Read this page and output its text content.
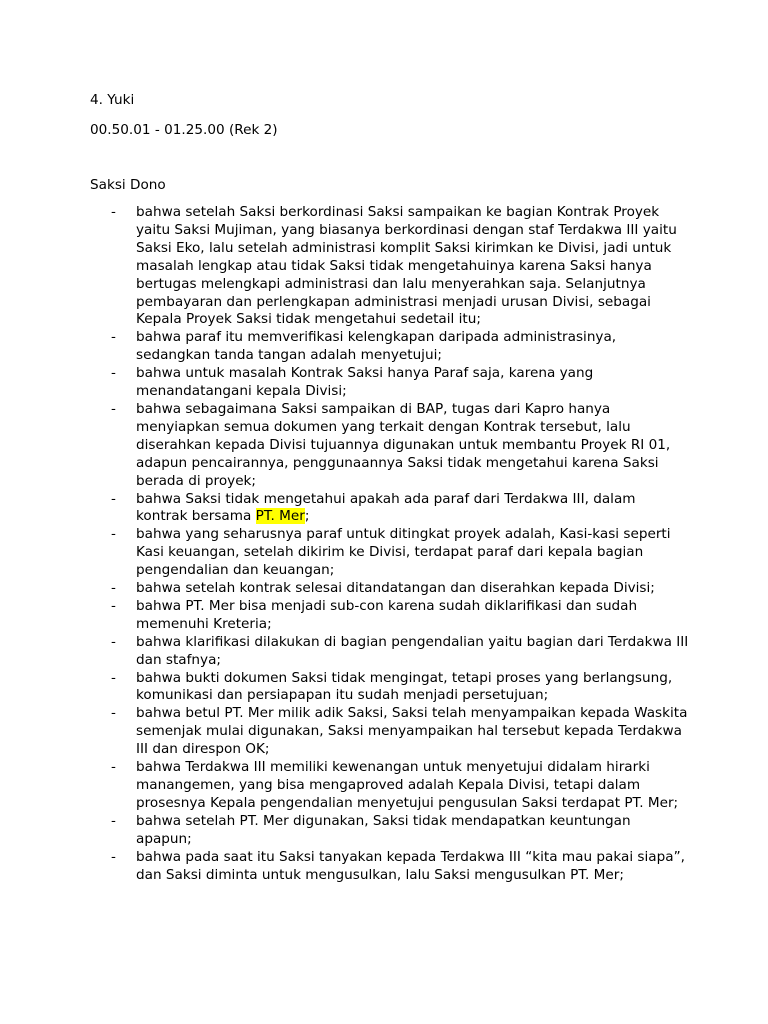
4. Yuki

00.50.01 - 01.25.00 (Rek 2)

Saksi Dono

- bahwa setelah Saksi berkordinasi Saksi sampaikan ke bagian Kontrak Proyek yaitu Saksi Mujiman, yang biasanya berkordinasi dengan staf Terdakwa III yaitu Saksi Eko, lalu setelah administrasi komplit Saksi kirimkan ke Divisi, jadi untuk masalah lengkap atau tidak Saksi tidak mengetahuinya karena Saksi hanya bertugas melengkapi administrasi dan lalu menyerahkan saja. Selanjutnya pembayaran dan perlengkapan administrasi menjadi urusan Divisi, sebagai Kepala Proyek Saksi tidak mengetahui sedetail itu;
- bahwa paraf itu memverifikasi kelengkapan daripada administrasinya, sedangkan tanda tangan adalah menyetujui;
- bahwa untuk masalah Kontrak Saksi hanya Paraf saja, karena yang menandatangani kepala Divisi;
- bahwa sebagaimana Saksi sampaikan di BAP, tugas dari Kapro hanya menyiapkan semua dokumen yang terkait dengan Kontrak tersebut, lalu diserahkan kepada Divisi tujuannya digunakan untuk membantu Proyek RI 01, adapun pencairannya, penggunaannya Saksi tidak mengetahui karena Saksi berada di proyek;
- bahwa Saksi tidak mengetahui apakah ada paraf dari Terdakwa III, dalam kontrak bersama PT. Mer;
- bahwa yang seharusnya paraf untuk ditingkat proyek adalah, Kasi-kasi seperti Kasi keuangan, setelah dikirim ke Divisi, terdapat paraf dari kepala bagian pengendalian dan keuangan;
- bahwa setelah kontrak selesai ditandatangan dan diserahkan kepada Divisi;
- bahwa PT. Mer bisa menjadi sub-con karena sudah diklarifikasi dan sudah memenuhi Kreteria;
- bahwa klarifikasi dilakukan di bagian pengendalian yaitu bagian dari Terdakwa III dan stafnya;
- bahwa bukti dokumen Saksi tidak mengingat, tetapi proses yang berlangsung, komunikasi dan persiapapan itu sudah menjadi persetujuan;
- bahwa betul PT. Mer milik adik Saksi, Saksi telah menyampaikan kepada Waskita semenjak mulai digunakan, Saksi menyampaikan hal tersebut kepada Terdakwa III dan direspon OK;
- bahwa Terdakwa III memiliki kewenangan untuk menyetujui didalam hirarki manangemen, yang bisa mengaproved adalah Kepala Divisi, tetapi dalam prosesnya Kepala pengendalian menyetujui pengusulan Saksi terdapat PT. Mer;
- bahwa setelah PT. Mer digunakan, Saksi tidak mendapatkan keuntungan apapun;
- bahwa pada saat itu Saksi tanyakan kepada Terdakwa III “kita mau pakai siapa”, dan Saksi diminta untuk mengusulkan, lalu Saksi mengusulkan PT. Mer;
